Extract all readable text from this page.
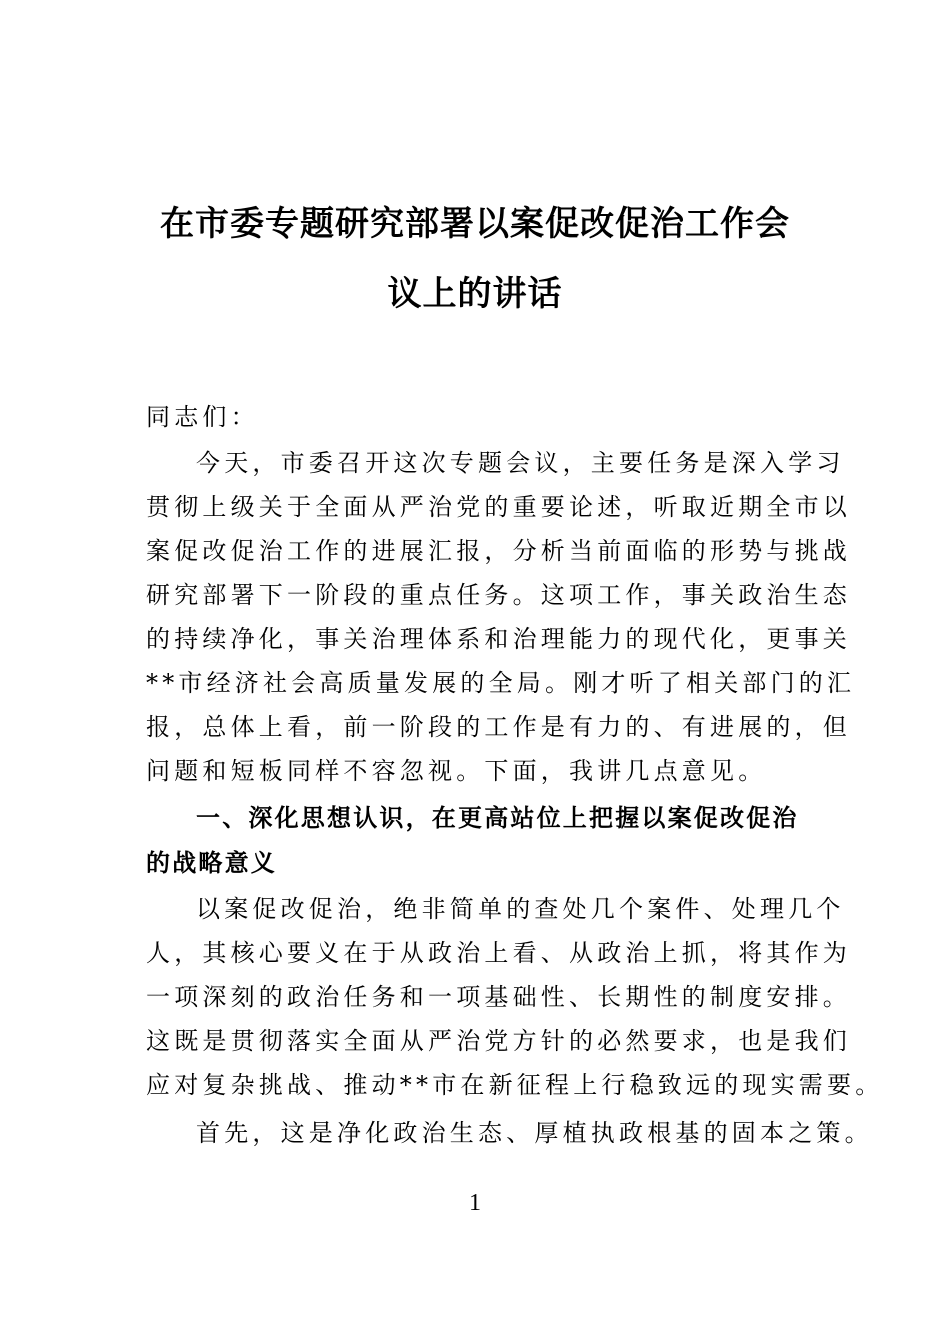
在市委专题研究部署以案促改促治工作会
议上的讲话
同志们：
今天，市委召开这次专题会议，主要任务是深入学习
贯彻上级关于全面从严治党的重要论述，听取近期全市以
案促改促治工作的进展汇报，分析当前面临的形势与挑战
研究部署下一阶段的重点任务。这项工作，事关政治生态
的持续净化，事关治理体系和治理能力的现代化，更事关
**市经济社会高质量发展的全局。刚才听了相关部门的汇
报，总体上看，前一阶段的工作是有力的、有进展的，但
问题和短板同样不容忽视。下面，我讲几点意见。
一、深化思想认识，在更高站位上把握以案促改促治
的战略意义
以案促改促治，绝非简单的查处几个案件、处理几个
人，其核心要义在于从政治上看、从政治上抓，将其作为
一项深刻的政治任务和一项基础性、长期性的制度安排。
这既是贯彻落实全面从严治党方针的必然要求，也是我们
应对复杂挑战、推动**市在新征程上行稳致远的现实需要。
首先，这是净化政治生态、厚植执政根基的固本之策。
1
